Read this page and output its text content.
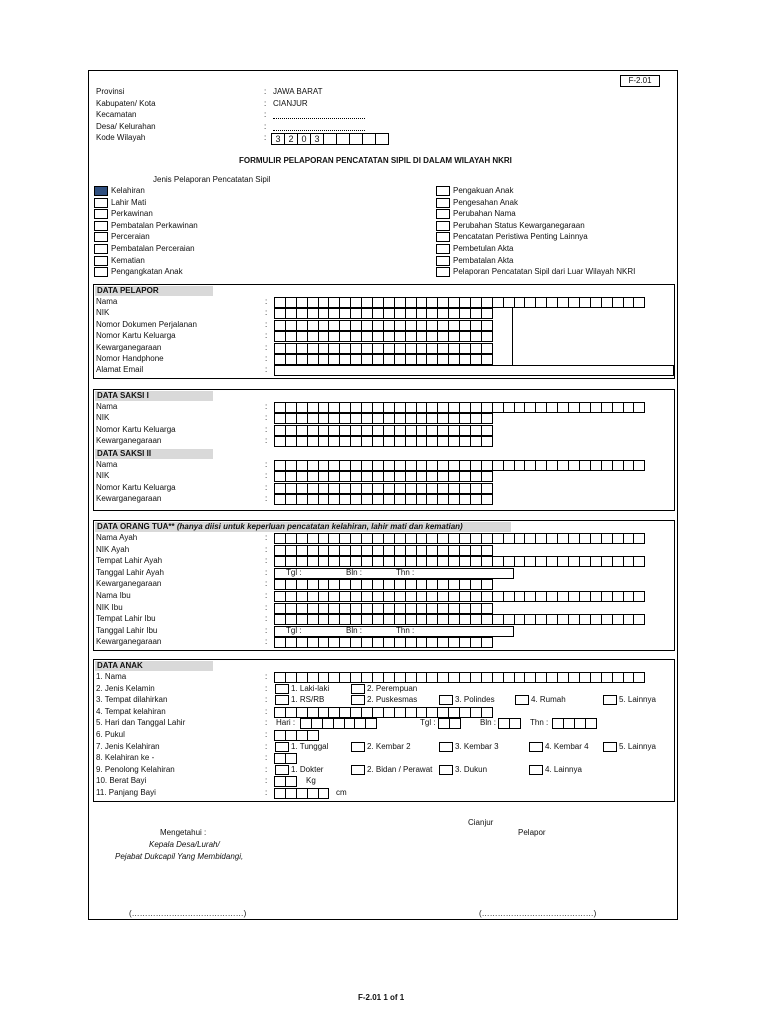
F-2.01
Provinsi	: JAWA BARAT
Kabupaten/ Kota	: CIANJUR
Kecamatan	:
Desa/ Kelurahan	:
Kode Wilayah	:	3 2 0 3
FORMULIR PELAPORAN PENCATATAN SIPIL DI DALAM WILAYAH NKRI
Jenis Pelaporan Pencatatan Sipil
Kelahiran
Lahir Mati
Perkawinan
Pembatalan Perkawinan
Perceraian
Pembatalan Perceraian
Kematian
Pengangkatan Anak
Pengakuan Anak
Pengesahan Anak
Perubahan Nama
Perubahan Status Kewarganegaraan
Pencatatan Peristiwa Penting Lainnya
Pembetulan Akta
Pembatalan Akta
Pelaporan Pencatatan Sipil dari Luar Wilayah NKRI
DATA PELAPOR
Nama	:
NIK	:
Nomor Dokumen Perjalanan	:
Nomor Kartu Keluarga	:
Kewarganegaraan	:
Nomor Handphone	:
Alamat Email	:
DATA SAKSI I
Nama	:
NIK	:
Nomor Kartu Keluarga	:
Kewarganegaraan	:
DATA SAKSI II
Nama	:
NIK	:
Nomor Kartu Keluarga	:
Kewarganegaraan	:
DATA ORANG TUA** (hanya diisi untuk keperluan pencatatan kelahiran, lahir mati dan kematian)
Nama Ayah	:
NIK Ayah	:
Tempat Lahir Ayah	:
Tanggal Lahir Ayah	: Tgl :	Bln :	Thn :
Kewarganegaraan	:
Nama Ibu	:
NIK Ibu	:
Tempat Lahir Ibu	:
Tanggal Lahir Ibu	: Tgl :	Bln :	Thn :
Kewarganegaraan	:
DATA ANAK
1. Nama	:
2. Jenis Kelamin	:	1. Laki-laki	2. Perempuan
3. Tempat dilahirkan	:	1. RS/RB	2. Puskesmas	3. Polindes	4. Rumah	5. Lainnya
4. Tempat kelahiran	:
5. Hari dan Tanggal Lahir	: Hari :	Tgl :	Bln :	Thn :
6. Pukul	:
7. Jenis Kelahiran	:	1. Tunggal	2. Kembar 2	3. Kembar 3	4. Kembar 4	5. Lainnya
8. Kelahiran ke -	:
9. Penolong Kelahiran	:	1. Dokter	2. Bidan / Perawat	3. Dukun	4. Lainnya
10. Berat Bayi	:	Kg
11. Panjang Bayi	:	cm
Cianjur
Mengetahui :	Pelapor
Kepala Desa/Lurah/
Pejabat Dukcapil Yang Membidangi,
(……………………………………)	(……………………………………)
F-2.01 1 of 1
